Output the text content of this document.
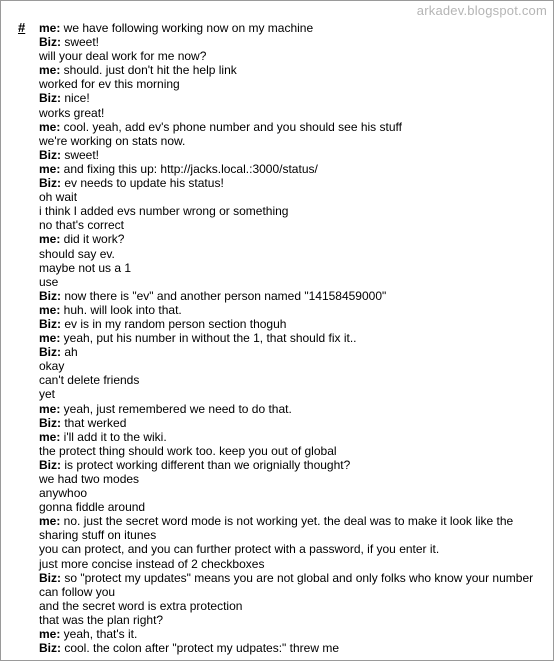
arkadev.blogspot.com
# me: we have following working now on my machine
Biz: sweet!
will your deal work for me now?
me: should. just don't hit the help link
worked for ev this morning
Biz: nice!
works great!
me: cool. yeah, add ev's phone number and you should see his stuff
we're working on stats now.
Biz: sweet!
me: and fixing this up: http://jacks.local.:3000/status/
Biz: ev needs to update his status!
oh wait
i think I added evs number wrong or something
no that's correct
me: did it work?
should say ev.
maybe not us a 1
use
Biz: now there is "ev" and another person named "14158459000"
me: huh. will look into that.
Biz: ev is in my random person section thoguh
me: yeah, put his number in without the 1, that should fix it..
Biz: ah
okay
can't delete friends
yet
me: yeah, just remembered we need to do that.
Biz: that werked
me: i'll add it to the wiki.
the protect thing should work too. keep you out of global
Biz: is protect working different than we orignially thought?
we had two modes
anywhoo
gonna fiddle around
me: no. just the secret word mode is not working yet. the deal was to make it look like the sharing stuff on itunes
you can protect, and you can further protect with a password, if you enter it.
just more concise instead of 2 checkboxes
Biz: so "protect my updates" means you are not global and only folks who know your number can follow you
and the secret word is extra protection
that was the plan right?
me: yeah, that's it.
Biz: cool. the colon after "protect my udpates:" threw me
